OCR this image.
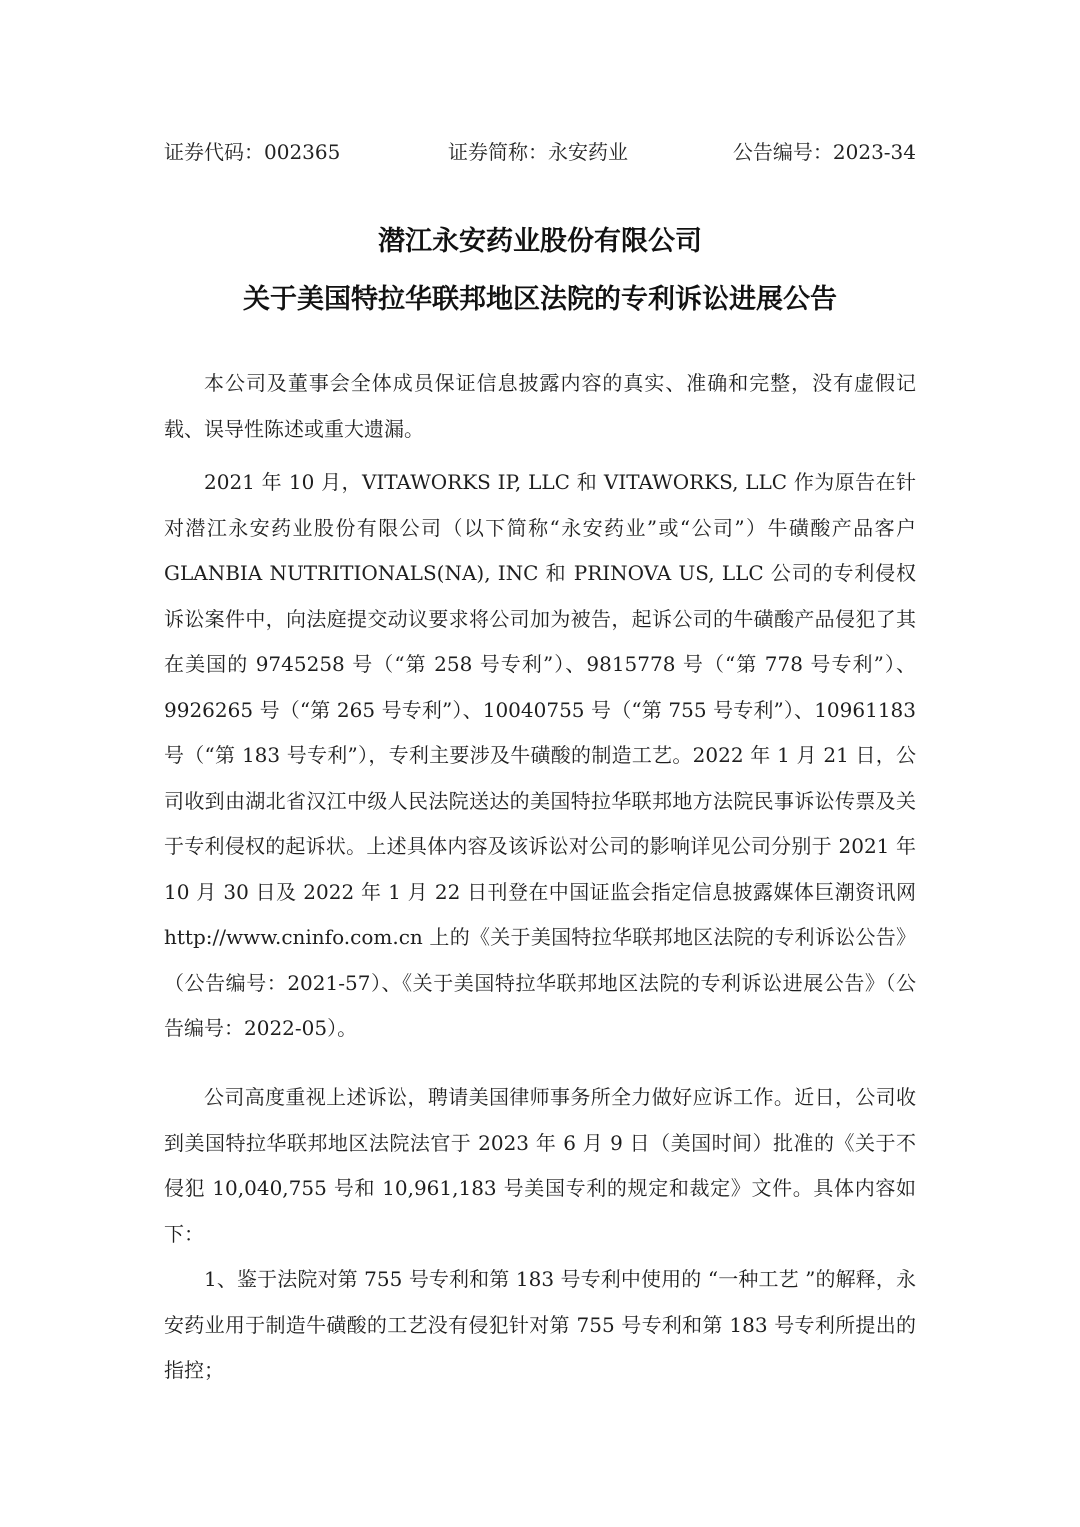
证券代码：002365	证券简称：永安药业	公告编号：2023-34
潜江永安药业股份有限公司
关于美国特拉华联邦地区法院的专利诉讼进展公告

本公司及董事会全体成员保证信息披露内容的真实、准确和完整，没有虚假记载、误导性陈述或重大遗漏。

2021 年 10 月，VITAWORKS IP, LLC 和 VITAWORKS, LLC 作为原告在针对潜江永安药业股份有限公司（以下简称“永安药业”或“公司”）牛磺酸产品客户GLANBIA NUTRITIONALS(NA), INC 和 PRINOVA US, LLC 公司的专利侵权诉讼案件中，向法庭提交动议要求将公司加为被告，起诉公司的牛磺酸产品侵犯了其在美国的 9745258 号（“第 258 号专利”）、9815778 号（“第 778 号专利”）、9926265 号（“第 265 号专利”）、10040755 号（“第 755 号专利”）、10961183 号（“第 183 号专利”），专利主要涉及牛磺酸的制造工艺。2022 年 1 月 21 日，公司收到由湖北省汉江中级人民法院送达的美国特拉华联邦地方法院民事诉讼传票及关于专利侵权的起诉状。上述具体内容及该诉讼对公司的影响详见公司分别于 2021 年 10 月 30 日及 2022 年 1 月 22 日刊登在中国证监会指定信息披露媒体巨潮资讯网 http://www.cninfo.com.cn 上的《关于美国特拉华联邦地区法院的专利诉讼公告》（公告编号：2021-57）、《关于美国特拉华联邦地区法院的专利诉讼进展公告》（公告编号：2022-05）。

公司高度重视上述诉讼，聘请美国律师事务所全力做好应诉工作。近日，公司收到美国特拉华联邦地区法院法官于 2023 年 6 月 9 日（美国时间）批准的《关于不侵犯 10,040,755 号和 10,961,183 号美国专利的规定和裁定》文件。具体内容如下：

1、鉴于法院对第 755 号专利和第 183 号专利中使用的 “一种工艺 ”的解释，永安药业用于制造牛磺酸的工艺没有侵犯针对第 755 号专利和第 183 号专利所提出的指控；
